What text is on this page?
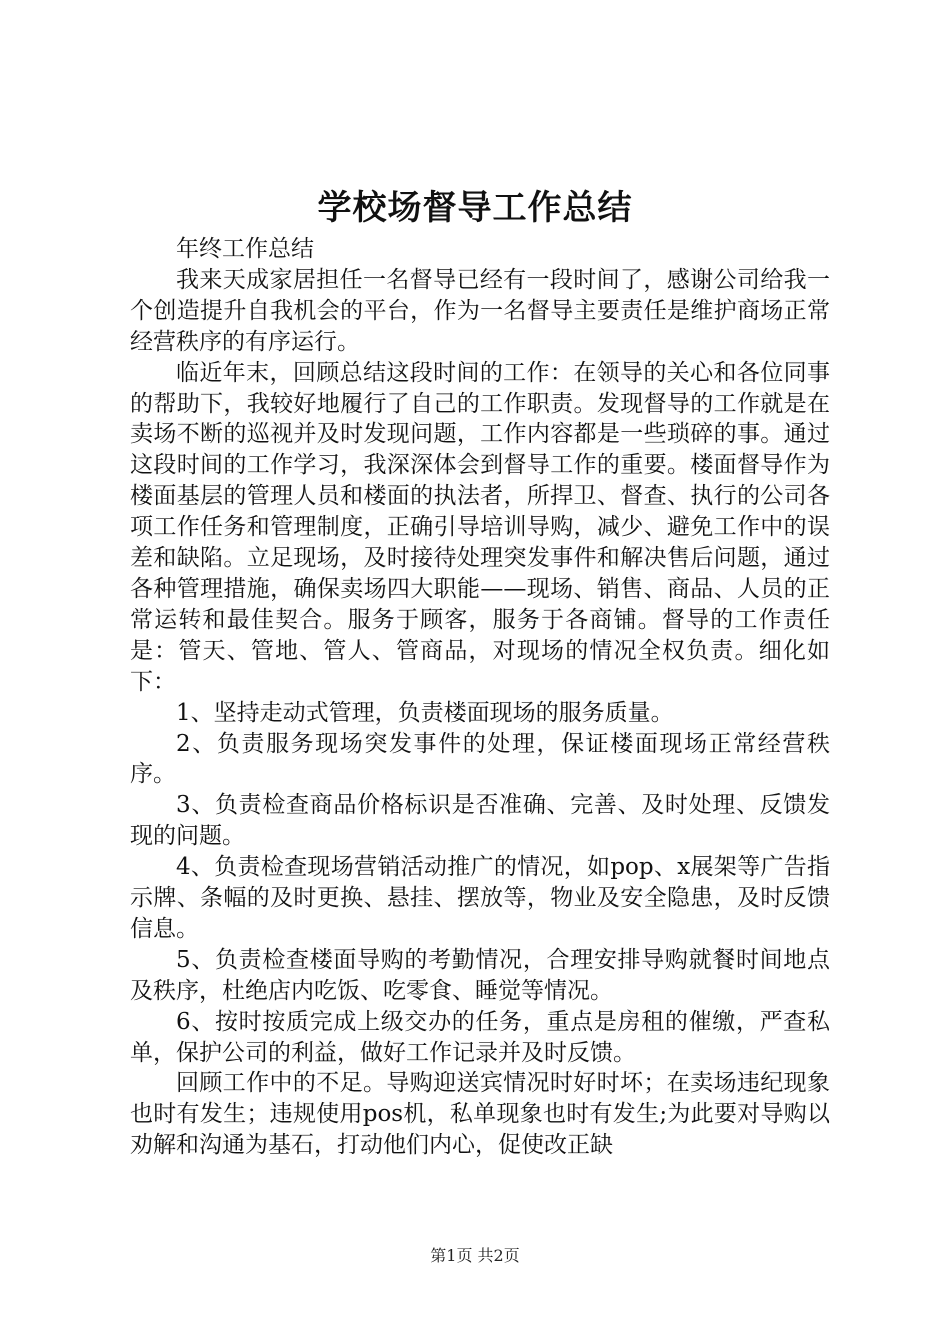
学校场督导工作总结

年终工作总结

我来天成家居担任一名督导已经有一段时间了，感谢公司给我一个创造提升自我机会的平台，作为一名督导主要责任是维护商场正常经营秩序的有序运行。

临近年末，回顾总结这段时间的工作：在领导的关心和各位同事的帮助下，我较好地履行了自己的工作职责。发现督导的工作就是在卖场不断的巡视并及时发现问题，工作内容都是一些琐碎的事。通过这段时间的工作学习，我深深体会到督导工作的重要。楼面督导作为楼面基层的管理人员和楼面的执法者，所捍卫、督查、执行的公司各项工作任务和管理制度，正确引导培训导购，减少、避免工作中的误差和缺陷。立足现场，及时接待处理突发事件和解决售后问题，通过各种管理措施，确保卖场四大职能——现场、销售、商品、人员的正常运转和最佳契合。服务于顾客，服务于各商铺。督导的工作责任是：管天、管地、管人、管商品，对现场的情况全权负责。细化如下：

1、坚持走动式管理，负责楼面现场的服务质量。

2、负责服务现场突发事件的处理，保证楼面现场正常经营秩序。

3、负责检查商品价格标识是否准确、完善、及时处理、反馈发现的问题。

4、负责检查现场营销活动推广的情况，如pop、x展架等广告指示牌、条幅的及时更换、悬挂、摆放等，物业及安全隐患，及时反馈信息。

5、负责检查楼面导购的考勤情况，合理安排导购就餐时间地点及秩序，杜绝店内吃饭、吃零食、睡觉等情况。

6、按时按质完成上级交办的任务，重点是房租的催缴，严查私单，保护公司的利益，做好工作记录并及时反馈。

回顾工作中的不足。导购迎送宾情况时好时坏；在卖场违纪现象也时有发生；违规使用pos机，私单现象也时有发生;为此要对导购以劝解和沟通为基石，打动他们内心，促使改正缺

第1页 共2页
